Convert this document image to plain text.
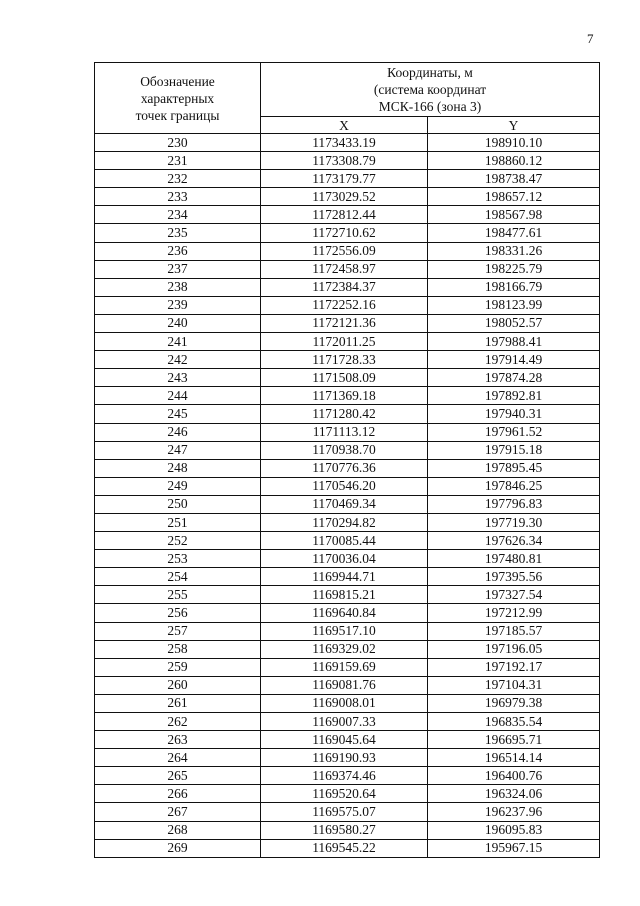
7
Обозначение
характерных
точек границы	Координаты, м
(система координат
МСК-166 (зона 3)	
	X	Y
230	1173433.19	198910.10
231	1173308.79	198860.12
232	1173179.77	198738.47
233	1173029.52	198657.12
234	1172812.44	198567.98
235	1172710.62	198477.61
236	1172556.09	198331.26
237	1172458.97	198225.79
238	1172384.37	198166.79
239	1172252.16	198123.99
240	1172121.36	198052.57
241	1172011.25	197988.41
242	1171728.33	197914.49
243	1171508.09	197874.28
244	1171369.18	197892.81
245	1171280.42	197940.31
246	1171113.12	197961.52
247	1170938.70	197915.18
248	1170776.36	197895.45
249	1170546.20	197846.25
250	1170469.34	197796.83
251	1170294.82	197719.30
252	1170085.44	197626.34
253	1170036.04	197480.81
254	1169944.71	197395.56
255	1169815.21	197327.54
256	1169640.84	197212.99
257	1169517.10	197185.57
258	1169329.02	197196.05
259	1169159.69	197192.17
260	1169081.76	197104.31
261	1169008.01	196979.38
262	1169007.33	196835.54
263	1169045.64	196695.71
264	1169190.93	196514.14
265	1169374.46	196400.76
266	1169520.64	196324.06
267	1169575.07	196237.96
268	1169580.27	196095.83
269	1169545.22	195967.15
